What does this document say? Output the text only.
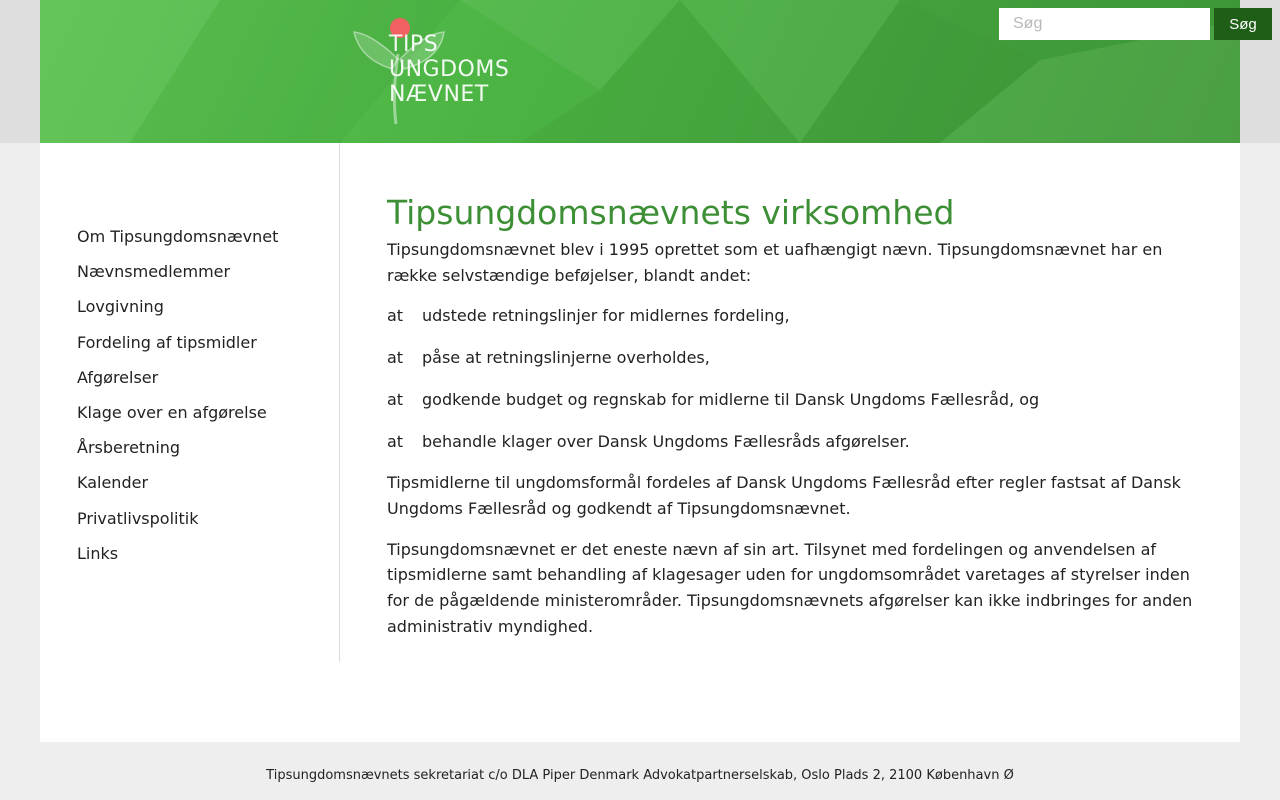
TIPS
UNGDOMS
NÆVNET
Søg
Søg
Om Tipsungdomsnævnet
Nævnsmedlemmer
Lovgivning
Fordeling af tipsmidler
Afgørelser
Klage over en afgørelse
Årsberetning
Kalender
Privatlivspolitik
Links
Tipsungdomsnævnets virksomhed

Tipsungdomsnævnet blev i 1995 oprettet som et uafhængigt nævn. Tipsungdomsnævnet har en række selvstændige beføjelser, blandt andet:

at	udstede retningslinjer for midlernes fordeling,

at	påse at retningslinjerne overholdes,

at	godkende budget og regnskab for midlerne til Dansk Ungdoms Fællesråd, og

at	behandle klager over Dansk Ungdoms Fællesråds afgørelser.

Tipsmidlerne til ungdomsformål fordeles af Dansk Ungdoms Fællesråd efter regler fastsat af Dansk Ungdoms Fællesråd og godkendt af Tipsungdomsnævnet.

Tipsungdomsnævnet er det eneste nævn af sin art. Tilsynet med fordelingen og anvendelsen af tipsmidlerne samt behandling af klagesager uden for ungdomsområdet varetages af styrelser inden for de pågældende ministerområder. Tipsungdomsnævnets afgørelser kan ikke indbringes for anden administrativ myndighed.

Tipsungdomsnævnets sekretariat c/o DLA Piper Denmark Advokatpartnerselskab, Oslo Plads 2, 2100 København Ø
